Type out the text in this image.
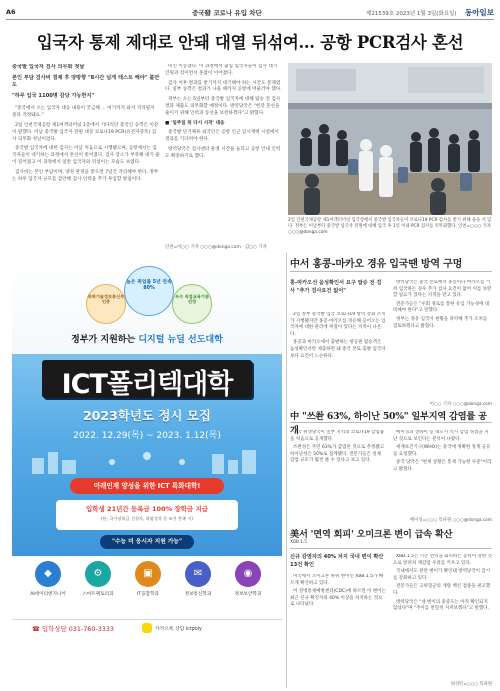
A6	중국發 코로나 유입 차단	제21539호 2023년 1월 3일(화요일) 동아일보
입국자 통제 제대로 안돼 대열 뒤섞여… 공항 PCR검사 혼선

중국발 입국자 검사 의무화 첫날

본인 부담 검사비 결제 후 양방향 "8시간 넘게 테스트 해야" 불만도

"하루 입국 1100명 감당 가능한지"

"중국에서 오는 입국자 대응 내용이 궁금해 ... 여기까지 와서 격리될지 몰라 걱정돼요."

2일 인천국제공항 제1여객터미널 1층에서 기다리던 중국인 승객은 이같이 말했다. 이날 중국발 입국자 전원 대상 코로나19 PCR(유전자증폭) 검사 의무화 첫날이었다.

중국발 입국자에 대한 검사는 이날 처음으로 시행됐으며, 공항에서는 입국자들이 대기하는 과정에서 혼선이 빚어졌다. 검사 장소가 부족해 대기 줄이 길어졌고 이 과정에서 일반 입국자와 뒤섞이는 모습도 보였다.

검사비는 본인 부담이며, 양성 판정을 받으면 7일간 격리해야 한다. 정부는 하루 입국자 규모를 감안해 검사 인력을 추가 투입할 방침이다.

비인 이동했다. 이 과정에서 출입 입국자들이 검사 대기 인원과 섞이면서 혼잡이 이어졌다.

검사 이후 결과를 받기까지 대기해야 하는 시간도 문제였다. 일부 승객은 결과가 나올 때까지 공항에 머물러야 했다.

정부는 오는 5일부터 중국발 입국자에 대해 탑승 전 검사 결과 제출도 의무화할 예정이다. 방역당국은 "현장 혼선을 줄이기 위해 인력과 동선을 보완하겠다"고 밝혔다.

■ '일주일 뒤 다시 시작' 대응

중국발 단기체류 외국인은 공항 인근 임시재택 시설에서 결과를 기다려야 한다.

방역당국은 검사센터 운영 시간을 늘리고 공항 안내 인력도 확충하기로 했다.

인천=이○○ 기자 ○○○@donga.com · 김○○ 기자
2일 인천국제공항 제1여객터미널 입국장에서 중국발 입국자들이 코로나19 PCR 검사를 받기 위해 줄을 서 있다. 정부는 이날부터 중국발 입국자 전원에 대해 입국 후 1일 이내 PCR 검사를 의무화했다. 인천=○○○ 기자 ○○○@donga.com
中서 홍콩-마카오 경유 입국땐 방역 구멍
홍-마카오선 음성확인서 요구 탑승 전 검사 "추가 검사요건 없어"

2일 정부 중국발 입국 코로나19 방역 강화 조치가 시행됐지만 홍콩·마카오를 경유해 들어오는 입국자에 대한 관리에 허점이 있다는 지적이 나온다.

홍콩과 마카오에서 출발하는 항공편 탑승객은 음성확인서만 제출하면 돼 중국 본토 출발 입국자보다 요건이 느슨하다.

방역당국은 중국 본토에서 홍콩이나 마카오를 거쳐 입국하는 경우 추가 검사 요건이 없어 이를 보완할 필요가 있다는 지적을 받고 있다.

전문가들은 "우회 경로를 통한 유입 가능성에 대비해야 한다"고 말했다.

정부는 경유 입국자 현황을 파악해 추가 조치를 검토하겠다고 밝혔다.

이○○ 기자 ○○○@donga.com
中 "쓰촨 63%, 하이난 50%" 일부지역 감염률 공개

중국 위생당국이 일부 지역의 코로나19 감염률을 처음으로 공개했다.

쓰촨성은 주민 63%가 감염된 것으로 추정됐고 하이난성은 50%로 집계됐다. 전문가들은 실제 감염 규모가 훨씬 클 수 있다고 보고 있다.

베이징과 상하이 등 대도시 역시 감염 정점을 지난 것으로 보인다는 분석이 나왔다.

세계보건기구(WHO)는 중국에 정확한 통계 공유를 요청했다.

중국 당국은 "현재 상황은 통제 가능한 수준"이라고 밝혔다.

베이징=○○○ 특파원 ○○○@donga.com
美서 '면역 회피' 오미크론 변이 급속 확산
XBB.1.5
신규 감염자의 40% 차지 국내 변이 확산 13건 확인

미국에서 오미크론 하위 변이인 XBB.1.5가 빠르게 확산하고 있다.

미 질병통제예방센터(CDC)에 따르면 이 변이는 최근 신규 확진자의 40% 이상을 차지하는 것으로 나타났다.

XBB.1.5는 기존 면역을 회피하는 능력이 강한 것으로 알려져 재감염 우려를 키우고 있다.

국내에서도 관련 변이가 확인돼 방역당국이 감시를 강화하고 있다.

전문가들은 고위험군의 개량 백신 접종을 권고했다.

방역당국은 "새 변이의 중증도는 아직 확인되지 않았다"며 "추이를 면밀히 지켜보겠다"고 말했다.

워싱턴=○○○ 특파원
과학기술정보통신부 인증
높은 취업률 5년 연속 80%
우수 직업교육기관 선정
정부가 지원하는 디지털 뉴딜 선도대학
ICT폴리텍대학
2023학년도 정시 모집
2022. 12.29(목) ~ 2023. 1.12(목)
미래인재 양성을 위한 ICT 특화대학!
입학생 21년간 등록금 100% 장학금 지급
(단, 국가장학금 신청자, 학업성적 등 조건 충족 시)
"수능 미 응시자 지원 가능"
◆
AI데이터엔지니어
⚙
스마트팩토리과
▣
IT융합학과
✉
정보통신학과
◉
정보보안학과
☎ 입학상담 031-760-3333	카카오톡 상담 ictpoly
